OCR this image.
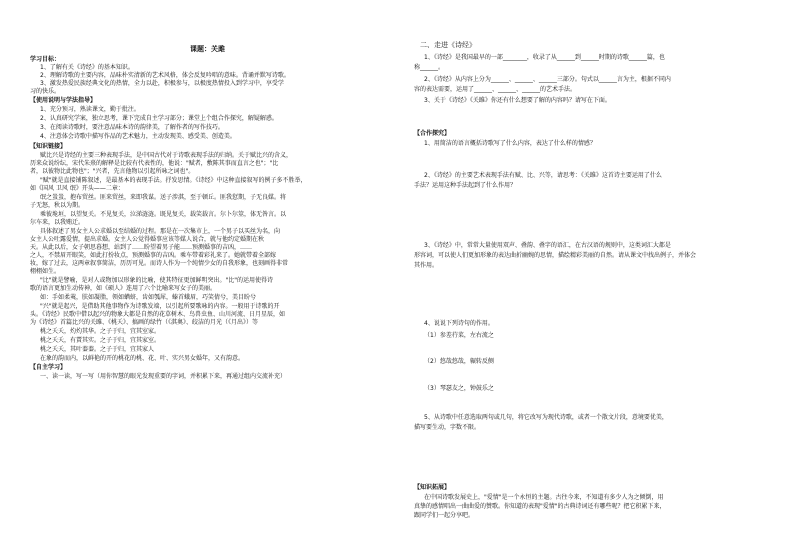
课题：关雎
学习目标：
1、了解有关《诗经》的基本知识。
2、理解诗歌的主要内容，品味朴实清新的艺术风格，体会反复吟唱的意味。背诵并默写诗歌。
3、激发热爱民族经典文化的热情，全力以赴，积极参与，以极度热情投入到学习中，享受学
习的快乐。
【使用说明与学法指导】
1、充分预习，熟读课文，勤于批注。
2、认真研究学案，独立思考，课下完成自主学习部分；课堂上个组合作探究，解疑解惑。
3、在阅读诗歌时，要注意品味本诗的韵律美，了解作者的写作技巧。
4、注意体会诗歌中描写作品的艺术魅力，主动发现美、感受美、创造美。
【知识链接】
赋比兴是诗经的主要三种表现手法，是中国古代对于诗歌表现手法的归纳。关于赋比兴的含义，
历来众说纷纭，宋代朱熹的解释是比较有代表性的，他说："赋者，敷陈其事而直言之也"；"比
者，以彼物比此物也"；"兴者，先言他物以引起所咏之词也"。
"赋"就是直接铺陈叙述，是最基本的表现手法。抒发思情。《诗经》中这种直接叙写的例子多不胜举，
如《国风 卫风 氓》开头——二章：
氓之蚩蚩，抱布贸丝。匪来贸丝，来即我谋。送子涉淇，至于顿丘。匪我愆期，子无良媒。将
子无怒，秋以为期。
乘彼垝垣，以望复关。不见复关，泣涕涟涟。既见复关，载笑载言。尔卜尔筮，体无咎言。以
尔车来，以我贿迁。
具体叙述了男女主人公求婚以至结婚的过程。那是在一次集市上，一个男子以买丝为名，向
女主人公吐露爱情，提出求婚。女主人公觉得婚事应该等媒人说合，就与他约定婚期在秋
天。从此以后，女子朝思暮想，站到了……盼望着男子能……预测婚事的吉凶，……
之人，不禁眉开眼笑，如此打扮妆点，预测婚事的吉凶。乘车带着彩礼来了。她就带着全部嫁
妆，嫁了过去，这两章叙事简洁，历历可见。而诗人作为一个纯情少女的自我形象，也刻画得非常
栩栩如生。
"比"就是譬喻，是对人或物加以形象的比喻，使其特征更加鲜明突出。"比"的运用使得诗
歌的语言更加生动传神，如《硕人》连用了六个比喻来写女子的美丽。
如：手如柔荑，肤如凝脂，领如蝤蛴，齿如瓠犀，螓首蛾眉，巧笑倩兮，美目盼兮
"兴"就是起兴，是借助其他事物作为诗歌发端，以引起所要歌咏的内容。一般用于诗歌的开
头。《诗经》民歌中借以起兴的物象大都是自然的花草树木、鸟兽虫鱼、山川河流、日月星辰，如
为《诗经》首篇比兴的关雎、《桃夭》、搞画的绿竹（《淇奥》、皎洁的月光（《月出》）等
桃之夭夭，灼灼其华。之子于归，宜其室家。
桃之夭夭，有蕡其实。之子于归，宜其家室。
桃之夭夭，其叶蓁蓁。之子于归，宜其家人
在象的韵而内，以鲜艳的开的桃花的桃、花、叶、实兴男女婚年，又有韵意。
【自主学习】
一、读一读，写一写（用你智慧的眼光发现重要的字词，并积累下来，再通过组内交流补充）
二、走进《诗经》
1、《诗经》是我国最早的一部________，收录了从______到______时期的诗歌______篇，也
称______。
2、《诗经》从内容上分为______、______、______三部分。句式以______言为主，根据不同内
容的表达需要，运用了______、______、______的艺术手法。
3、关于《诗经》《关雎》你还有什么想要了解的内容吗？请写在下面。
【合作探究】
1、用简洁的语言概括诗歌写了什么内容，表达了什么样的情感？
2、《诗经》的主要艺术表现手法有赋、比、兴等，请思考：《关雎》这首诗主要运用了什么
手法？运用这种手法起到了什么作用？
3、《诗经》中，常常大量使用双声、叠韵、叠字的语汇，在古汉语的规则中，这类词汇大都是
形容词，可以使人们更加形象的表达曲折幽婉的思情，描绘精彩美丽的自然。请从课文中找出例子，并体会
其作用。
4、说说下列诗句的作用。
（1）参差荇菜，左右流之
（2）悠哉悠哉，辗转反侧
（3）琴瑟友之，钟鼓乐之
5、从诗歌中任意选取两句或几句，将它改写为现代诗歌，或者一个散文片段，意境要优美，
描写要生动，字数不限。
【知识拓展】
在中国诗歌发展史上，"爱情"是一个永恒的主题。古往今来，不知道有多少人为之倾倒，用
真挚的感情唱出一曲曲爱的赞歌。你知道的表现"爱情"的古典诗词还有哪些呢？把它积累下来，
跟同学们一起分享吧。
